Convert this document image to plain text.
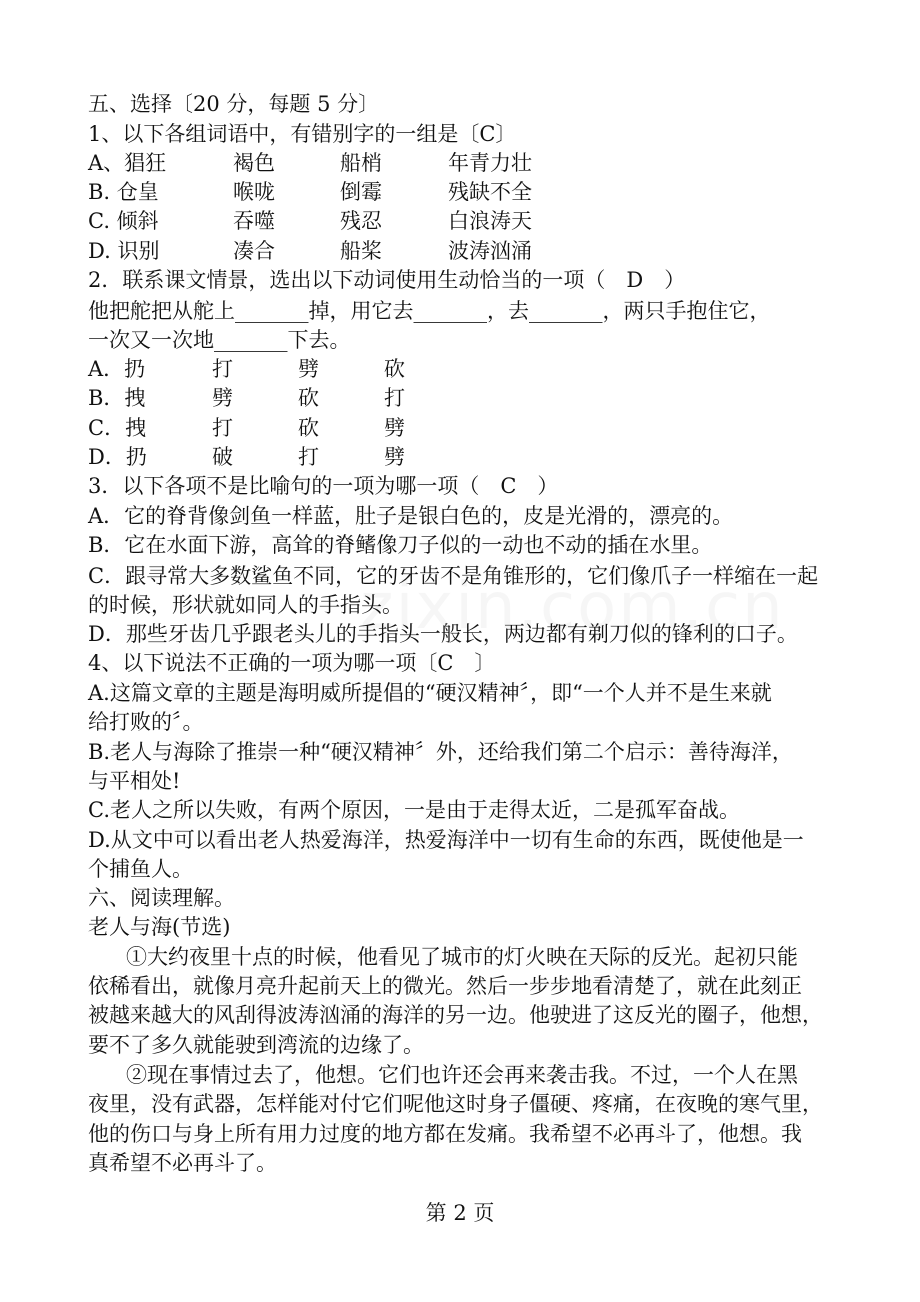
五、选择〔20 分，每题 5 分〕
1、以下各组词语中，有错别字的一组是〔C〕

A、猖狂

	褐色

	船梢

	年青力壮

B. 仓皇

	喉咙

	倒霉

	残缺不全

C. 倾斜

	吞噬

	残忍

	白浪涛天

D. 识别

	凑合

	船桨

	波涛汹涌

2．联系课文情景，选出以下动词使用生动恰当的一项（　D　）
他把舵把从舵上_______掉，用它去_______，去_______，两只手抱住它，
一次又一次地_______下去。

A．扔

	打

	劈

	砍

B．拽

	劈

	砍

	打

C．拽

	打

	砍

	劈

D．扔

	破

	打

	劈

3．以下各项不是比喻句的一项为哪一项（　C　）
A．它的脊背像剑鱼一样蓝，肚子是银白色的，皮是光滑的，漂亮的。
B．它在水面下游，高耸的脊鳍像刀子似的一动也不动的插在水里。
C．跟寻常大多数鲨鱼不同，它的牙齿不是角锥形的，它们像爪子一样缩在一起
的时候，形状就如同人的手指头。
D．那些牙齿几乎跟老头儿的手指头一般长，两边都有剃刀似的锋利的口子。
4、以下说法不正确的一项为哪一项〔C　〕
A.这篇文章的主题是海明威所提倡的“硬汉精神〞，即“一个人并不是生来就
给打败的〞。
B.老人与海除了推崇一种“硬汉精神〞外，还给我们第二个启示：善待海洋，
与平相处!
C.老人之所以失败，有两个原因，一是由于走得太近，二是孤军奋战。
D.从文中可以看出老人热爱海洋，热爱海洋中一切有生命的东西，既使他是一
个捕鱼人。
六、阅读理解。
老人与海(节选)
①大约夜里十点的时候，他看见了城市的灯火映在天际的反光。起初只能
依稀看出，就像月亮升起前天上的微光。然后一步步地看清楚了，就在此刻正
被越来越大的风刮得波涛汹涌的海洋的另一边。他驶进了这反光的圈子，他想，
要不了多久就能驶到湾流的边缘了。
②现在事情过去了，他想。它们也许还会再来袭击我。不过，一个人在黑
夜里，没有武器，怎样能对付它们呢他这时身子僵硬、疼痛，在夜晚的寒气里，
他的伤口与身上所有用力过度的地方都在发痛。我希望不必再斗了，他想。我
真希望不必再斗了。
第 2 页
